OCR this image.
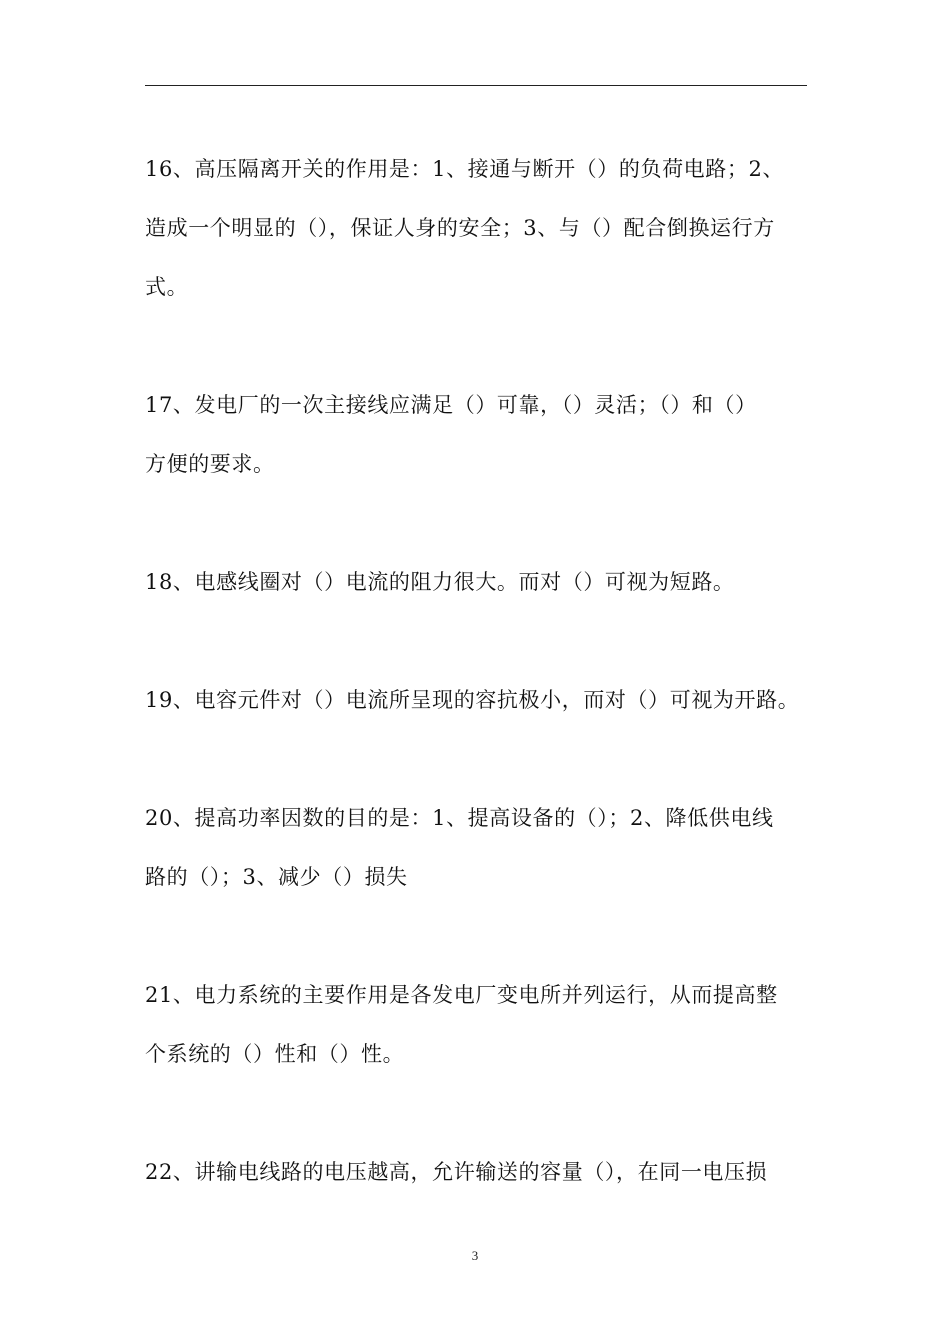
16、高压隔离开关的作用是：1、接通与断开（）的负荷电路；2、
造成一个明显的（），保证人身的安全；3、与（）配合倒换运行方
式。
17、发电厂的一次主接线应满足（）可靠，（）灵活；（）和（）
方便的要求。
18、电感线圈对（）电流的阻力很大。而对（）可视为短路。
19、电容元件对（）电流所呈现的容抗极小，而对（）可视为开路。
20、提高功率因数的目的是：1、提高设备的（）；2、降低供电线
路的（）；3、减少（）损失
21、电力系统的主要作用是各发电厂变电所并列运行，从而提高整
个系统的（）性和（）性。
22、讲输电线路的电压越高，允许输送的容量（），在同一电压损
3
